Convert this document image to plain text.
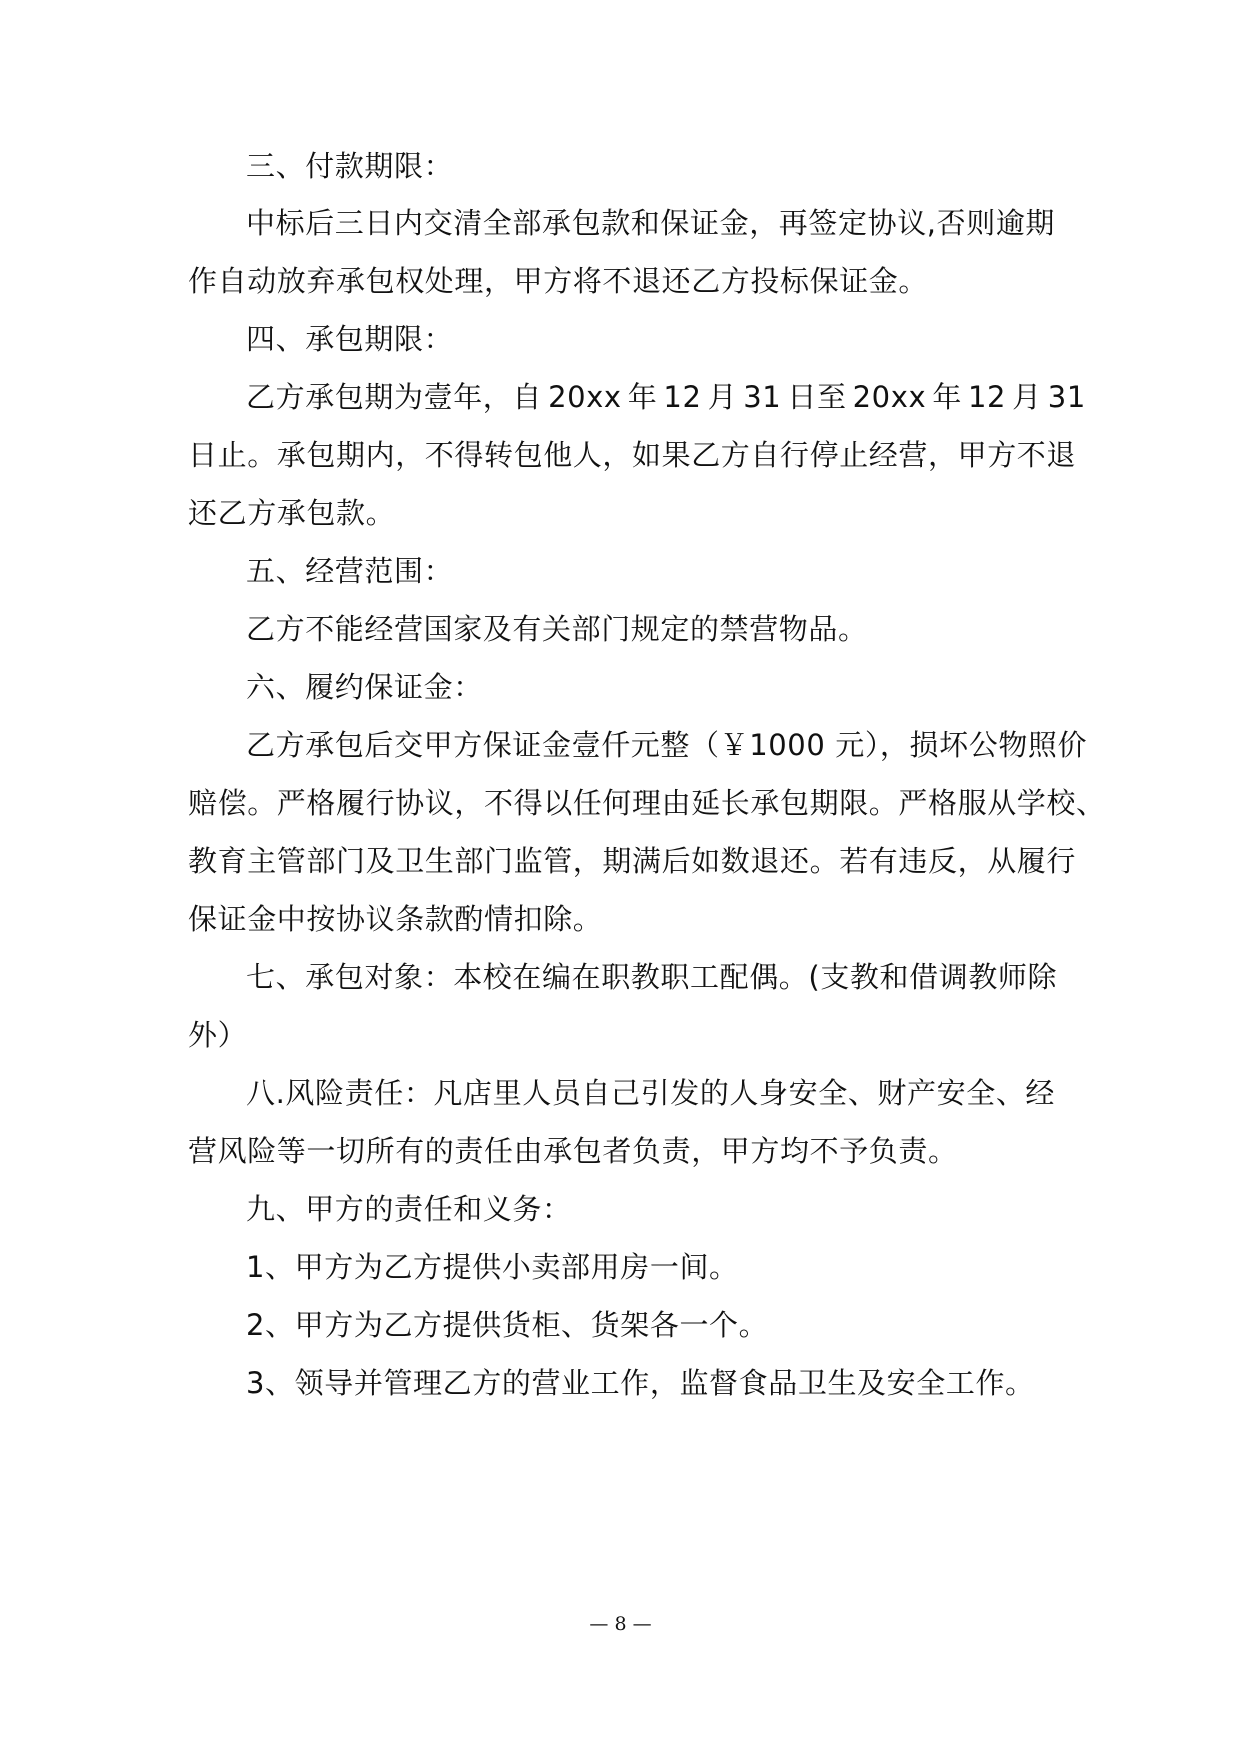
三、付款期限：
中标后三日内交清全部承包款和保证金，再签定协议,否则逾期
作自动放弃承包权处理，甲方将不退还乙方投标保证金。
四、承包期限：
乙方承包期为壹年，自 20xx 年 12 月 31 日至 20xx 年 12 月 31
日止。承包期内，不得转包他人，如果乙方自行停止经营，甲方不退
还乙方承包款。
五、经营范围：
乙方不能经营国家及有关部门规定的禁营物品。
六、履约保证金：
乙方承包后交甲方保证金壹仟元整（￥1000 元），损坏公物照价
赔偿。严格履行协议，不得以任何理由延长承包期限。严格服从学校、
教育主管部门及卫生部门监管，期满后如数退还。若有违反，从履行
保证金中按协议条款酌情扣除。
七、承包对象：本校在编在职教职工配偶。(支教和借调教师除
外）
八.风险责任：凡店里人员自己引发的人身安全、财产安全、经
营风险等一切所有的责任由承包者负责，甲方均不予负责。
九、甲方的责任和义务：
1、甲方为乙方提供小卖部用房一间。
2、甲方为乙方提供货柜、货架各一个。
3、领导并管理乙方的营业工作，监督食品卫生及安全工作。
— 8 —
